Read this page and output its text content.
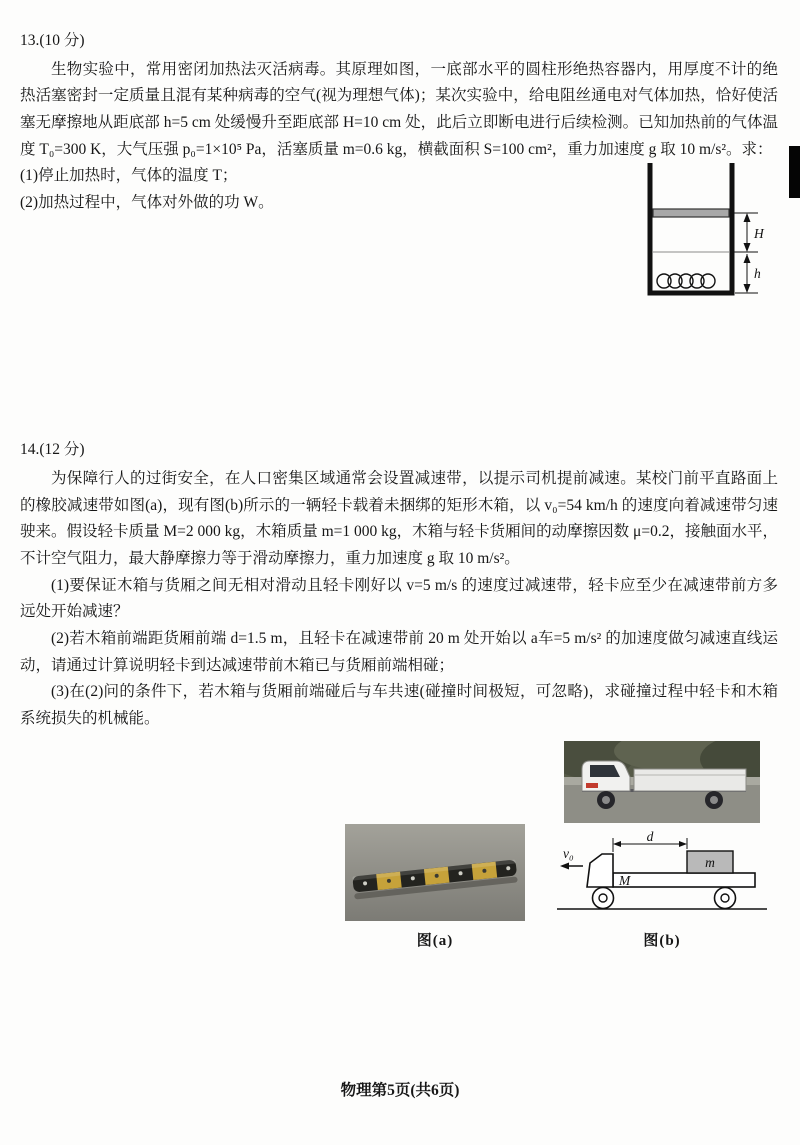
13.(10 分)

生物实验中，常用密闭加热法灭活病毒。其原理如图，一底部水平的圆柱形绝热容器内，用厚度不计的绝热活塞密封一定质量且混有某种病毒的空气(视为理想气体)；某次实验中，给电阻丝通电对气体加热，恰好使活塞无摩擦地从距底部 h=5 cm 处缓慢升至距底部 H=10 cm 处，此后立即断电进行后续检测。已知加热前的气体温度 T₀=300 K，大气压强 p₀=1×10⁵ Pa，活塞质量 m=0.6 kg，横截面积 S=100 cm²，重力加速度 g 取 10 m/s²。求：

(1)停止加热时，气体的温度 T；

(2)加热过程中，气体对外做的功 W。

H
h

14.(12 分)

为保障行人的过街安全，在人口密集区域通常会设置减速带，以提示司机提前减速。某校门前平直路面上的橡胶减速带如图(a)，现有图(b)所示的一辆轻卡载着未捆绑的矩形木箱，以 v₀=54 km/h 的速度向着减速带匀速驶来。假设轻卡质量 M=2 000 kg，木箱质量 m=1 000 kg，木箱与轻卡货厢间的动摩擦因数 μ=0.2，接触面水平，不计空气阻力，最大静摩擦力等于滑动摩擦力，重力加速度 g 取 10 m/s²。

(1)要保证木箱与货厢之间无相对滑动且轻卡刚好以 v=5 m/s 的速度过减速带，轻卡应至少在减速带前方多远处开始减速？

(2)若木箱前端距货厢前端 d=1.5 m，且轻卡在减速带前 20 m 处开始以 a车=5 m/s² 的加速度做匀减速直线运动，请通过计算说明轻卡到达减速带前木箱已与货厢前端相碰；

(3)在(2)问的条件下，若木箱与货厢前端碰后与车共速(碰撞时间极短，可忽略)，求碰撞过程中轻卡和木箱系统损失的机械能。

图(a)
m
M
d
v₀
图(b)
物理第5页(共6页)
